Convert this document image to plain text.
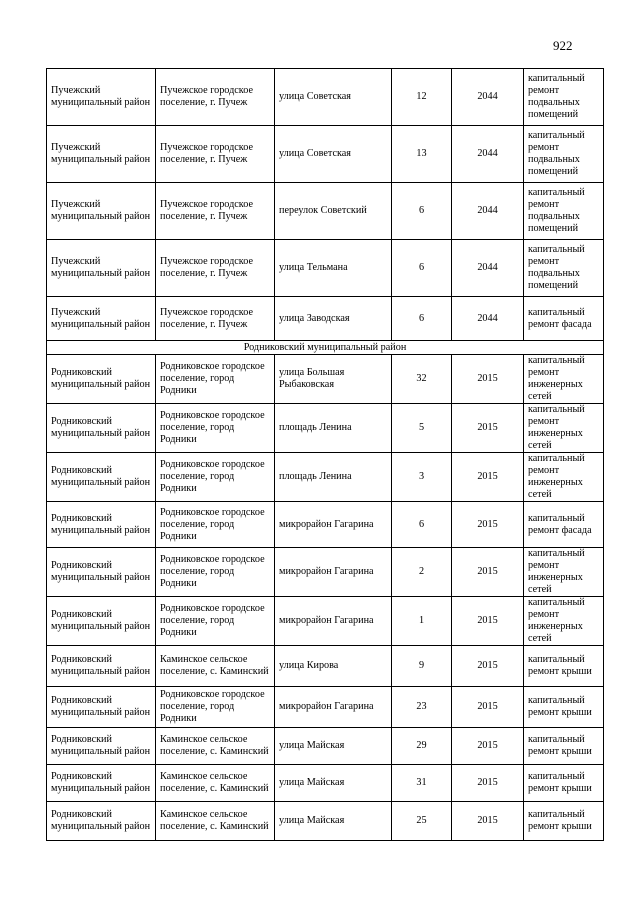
922
Пучежский муниципальный район	Пучежское городское поселение, г. Пучеж	улица Советская	12	2044	капитальный ремонт подвальных помещений
Пучежский муниципальный район	Пучежское городское поселение, г. Пучеж	улица Советская	13	2044	капитальный ремонт подвальных помещений
Пучежский муниципальный район	Пучежское городское поселение, г. Пучеж	переулок Советский	6	2044	капитальный ремонт подвальных помещений
Пучежский муниципальный район	Пучежское городское поселение, г. Пучеж	улица Тельмана	6	2044	капитальный ремонт подвальных помещений
Пучежский муниципальный район	Пучежское городское поселение, г. Пучеж	улица Заводская	6	2044	капитальный ремонт фасада
Родниковский муниципальный район					
Родниковский муниципальный район	Родниковское городское поселение, город Родники	улица Большая Рыбаковская	32	2015	капитальный ремонт инженерных сетей
Родниковский муниципальный район	Родниковское городское поселение, город Родники	площадь Ленина	5	2015	капитальный ремонт инженерных сетей
Родниковский муниципальный район	Родниковское городское поселение, город Родники	площадь Ленина	3	2015	капитальный ремонт инженерных сетей
Родниковский муниципальный район	Родниковское городское поселение, город Родники	микрорайон Гагарина	6	2015	капитальный ремонт фасада
Родниковский муниципальный район	Родниковское городское поселение, город Родники	микрорайон Гагарина	2	2015	капитальный ремонт инженерных сетей
Родниковский муниципальный район	Родниковское городское поселение, город Родники	микрорайон Гагарина	1	2015	капитальный ремонт инженерных сетей
Родниковский муниципальный район	Каминское сельское поселение, с. Каминский	улица Кирова	9	2015	капитальный ремонт крыши
Родниковский муниципальный район	Родниковское городское поселение, город Родники	микрорайон Гагарина	23	2015	капитальный ремонт крыши
Родниковский муниципальный район	Каминское сельское поселение, с. Каминский	улица Майская	29	2015	капитальный ремонт крыши
Родниковский муниципальный район	Каминское сельское поселение, с. Каминский	улица Майская	31	2015	капитальный ремонт крыши
Родниковский муниципальный район	Каминское сельское поселение, с. Каминский	улица Майская	25	2015	капитальный ремонт крыши
